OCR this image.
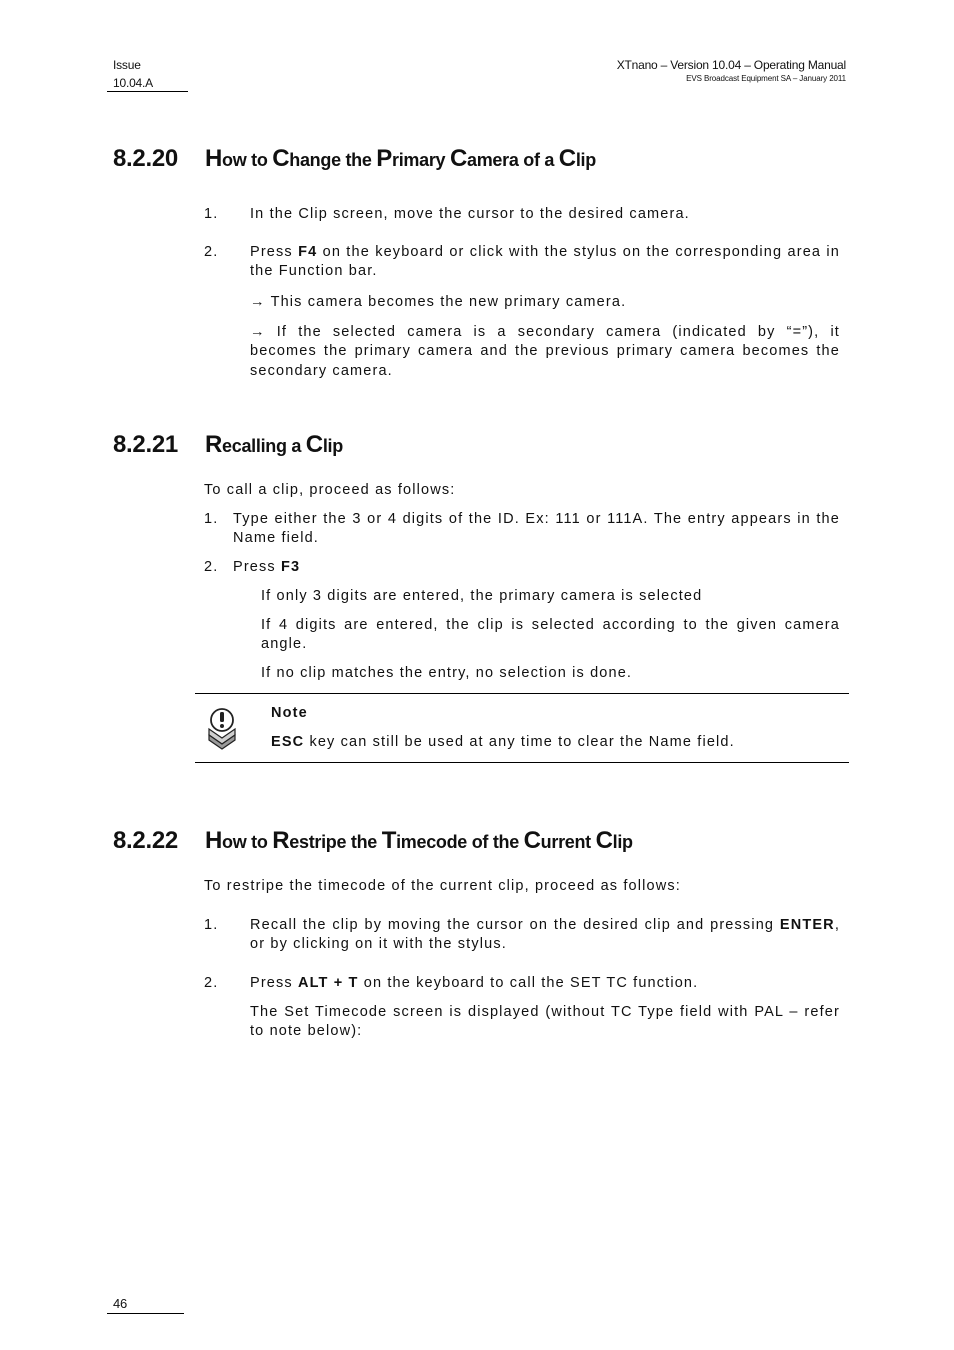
Issue
10.04.A
XTnano – Version 10.04 – Operating Manual
EVS Broadcast Equipment SA – January 2011
8.2.20 How to Change the Primary Camera of a Clip
1. In the Clip screen, move the cursor to the desired camera.
2. Press F4 on the keyboard or click with the stylus on the corresponding area in the Function bar.
→ This camera becomes the new primary camera.
→ If the selected camera is a secondary camera (indicated by “=”), it becomes the primary camera and the previous primary camera becomes the secondary camera.
8.2.21 Recalling a Clip
To call a clip, proceed as follows:
1. Type either the 3 or 4 digits of the ID. Ex: 111 or 111A. The entry appears in the Name field.
2. Press F3
If only 3 digits are entered, the primary camera is selected
If 4 digits are entered, the clip is selected according to the given camera angle.
If no clip matches the entry, no selection is done.
Note
ESC key can still be used at any time to clear the Name field.
8.2.22 How to Restripe the Timecode of the Current Clip
To restripe the timecode of the current clip, proceed as follows:
1. Recall the clip by moving the cursor on the desired clip and pressing ENTER, or by clicking on it with the stylus.
2. Press ALT + T on the keyboard to call the SET TC function.
The Set Timecode screen is displayed (without TC Type field with PAL – refer to note below):
46
